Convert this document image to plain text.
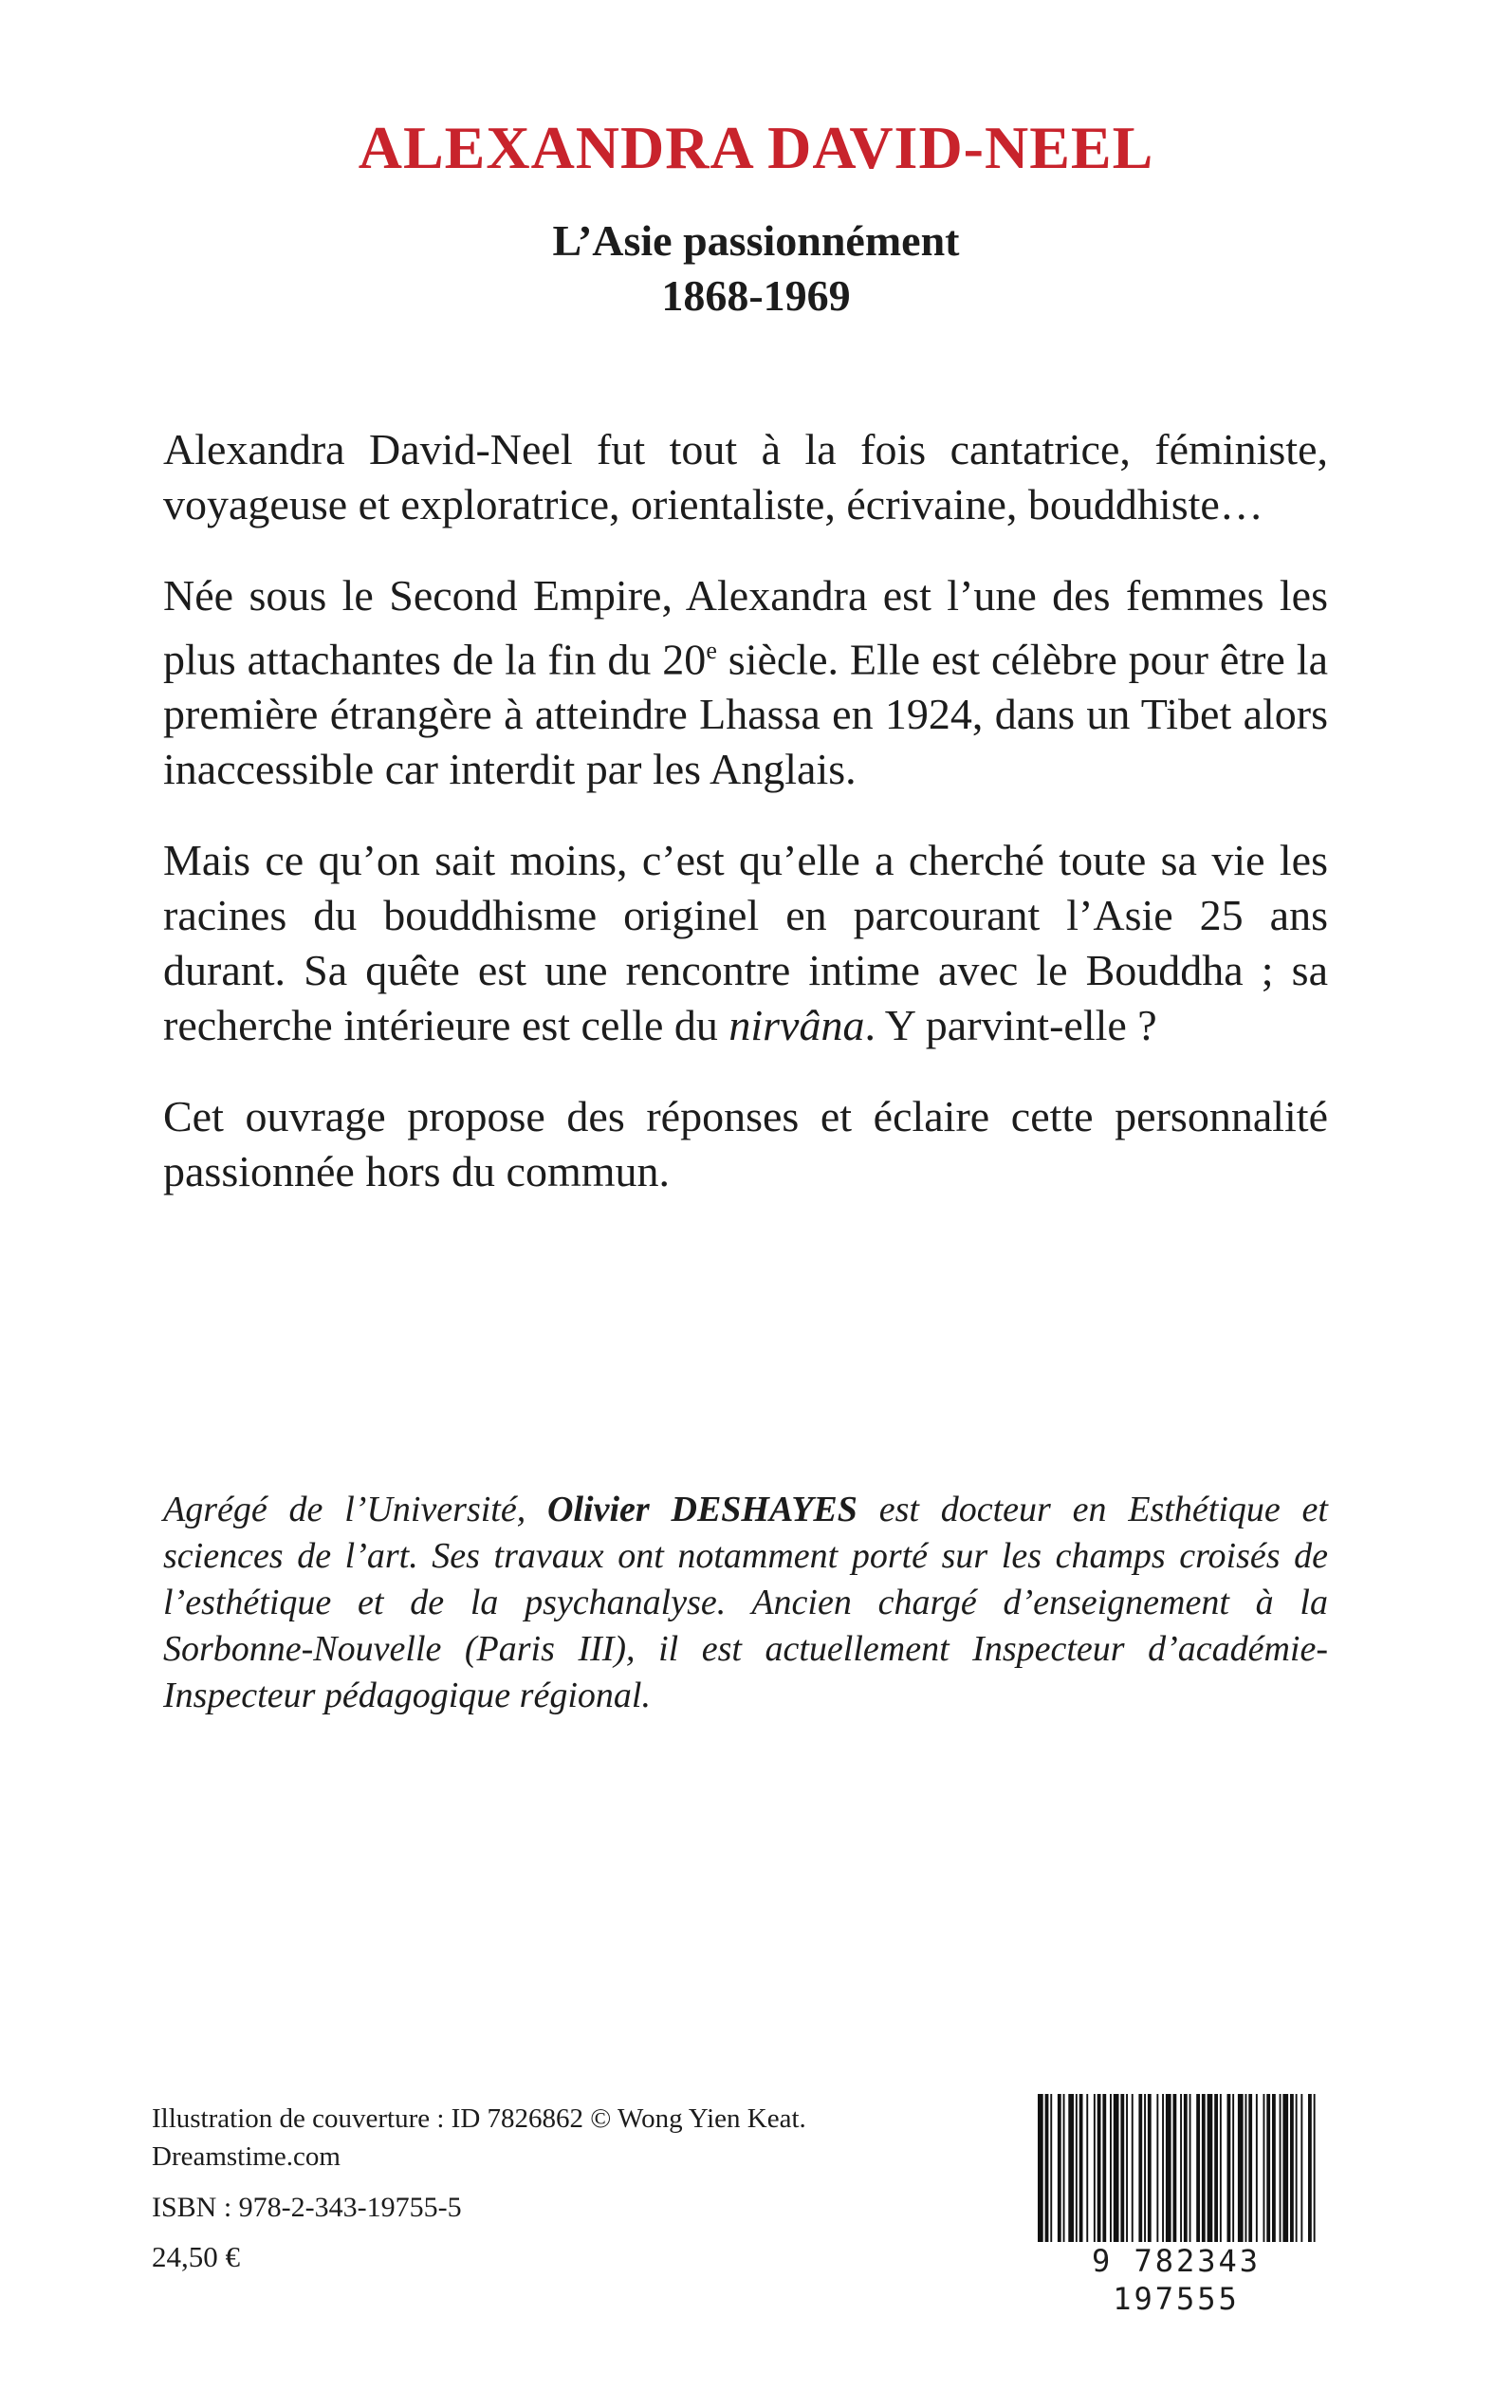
ALEXANDRA DAVID-NEEL
L’Asie passionnément
1868-1969

Alexandra David-Neel fut tout à la fois cantatrice, féministe, voyageuse et exploratrice, orientaliste, écrivaine, bouddhiste…

Née sous le Second Empire, Alexandra est l’une des femmes les plus attachantes de la fin du 20e siècle. Elle est célèbre pour être la première étrangère à atteindre Lhassa en 1924, dans un Tibet alors inaccessible car interdit par les Anglais.

Mais ce qu’on sait moins, c’est qu’elle a cherché toute sa vie les racines du bouddhisme originel en parcourant l’Asie 25 ans durant. Sa quête est une rencontre intime avec le Bouddha ; sa recherche intérieure est celle du nirvâna. Y parvint-elle ?

Cet ouvrage propose des réponses et éclaire cette personnalité passionnée hors du commun.

Agrégé de l’Université, Olivier DESHAYES est docteur en Esthétique et sciences de l’art. Ses travaux ont notamment porté sur les champs croisés de l’esthétique et de la psychanalyse. Ancien chargé d’enseignement à la Sorbonne-Nouvelle (Paris III), il est actuellement Inspecteur d’académie-Inspecteur pédagogique régional.

Illustration de couverture : ID 7826862 © Wong Yien Keat.
Dreamstime.com
ISBN : 978-2-343-19755-5
24,50 €	9 782343 197555
